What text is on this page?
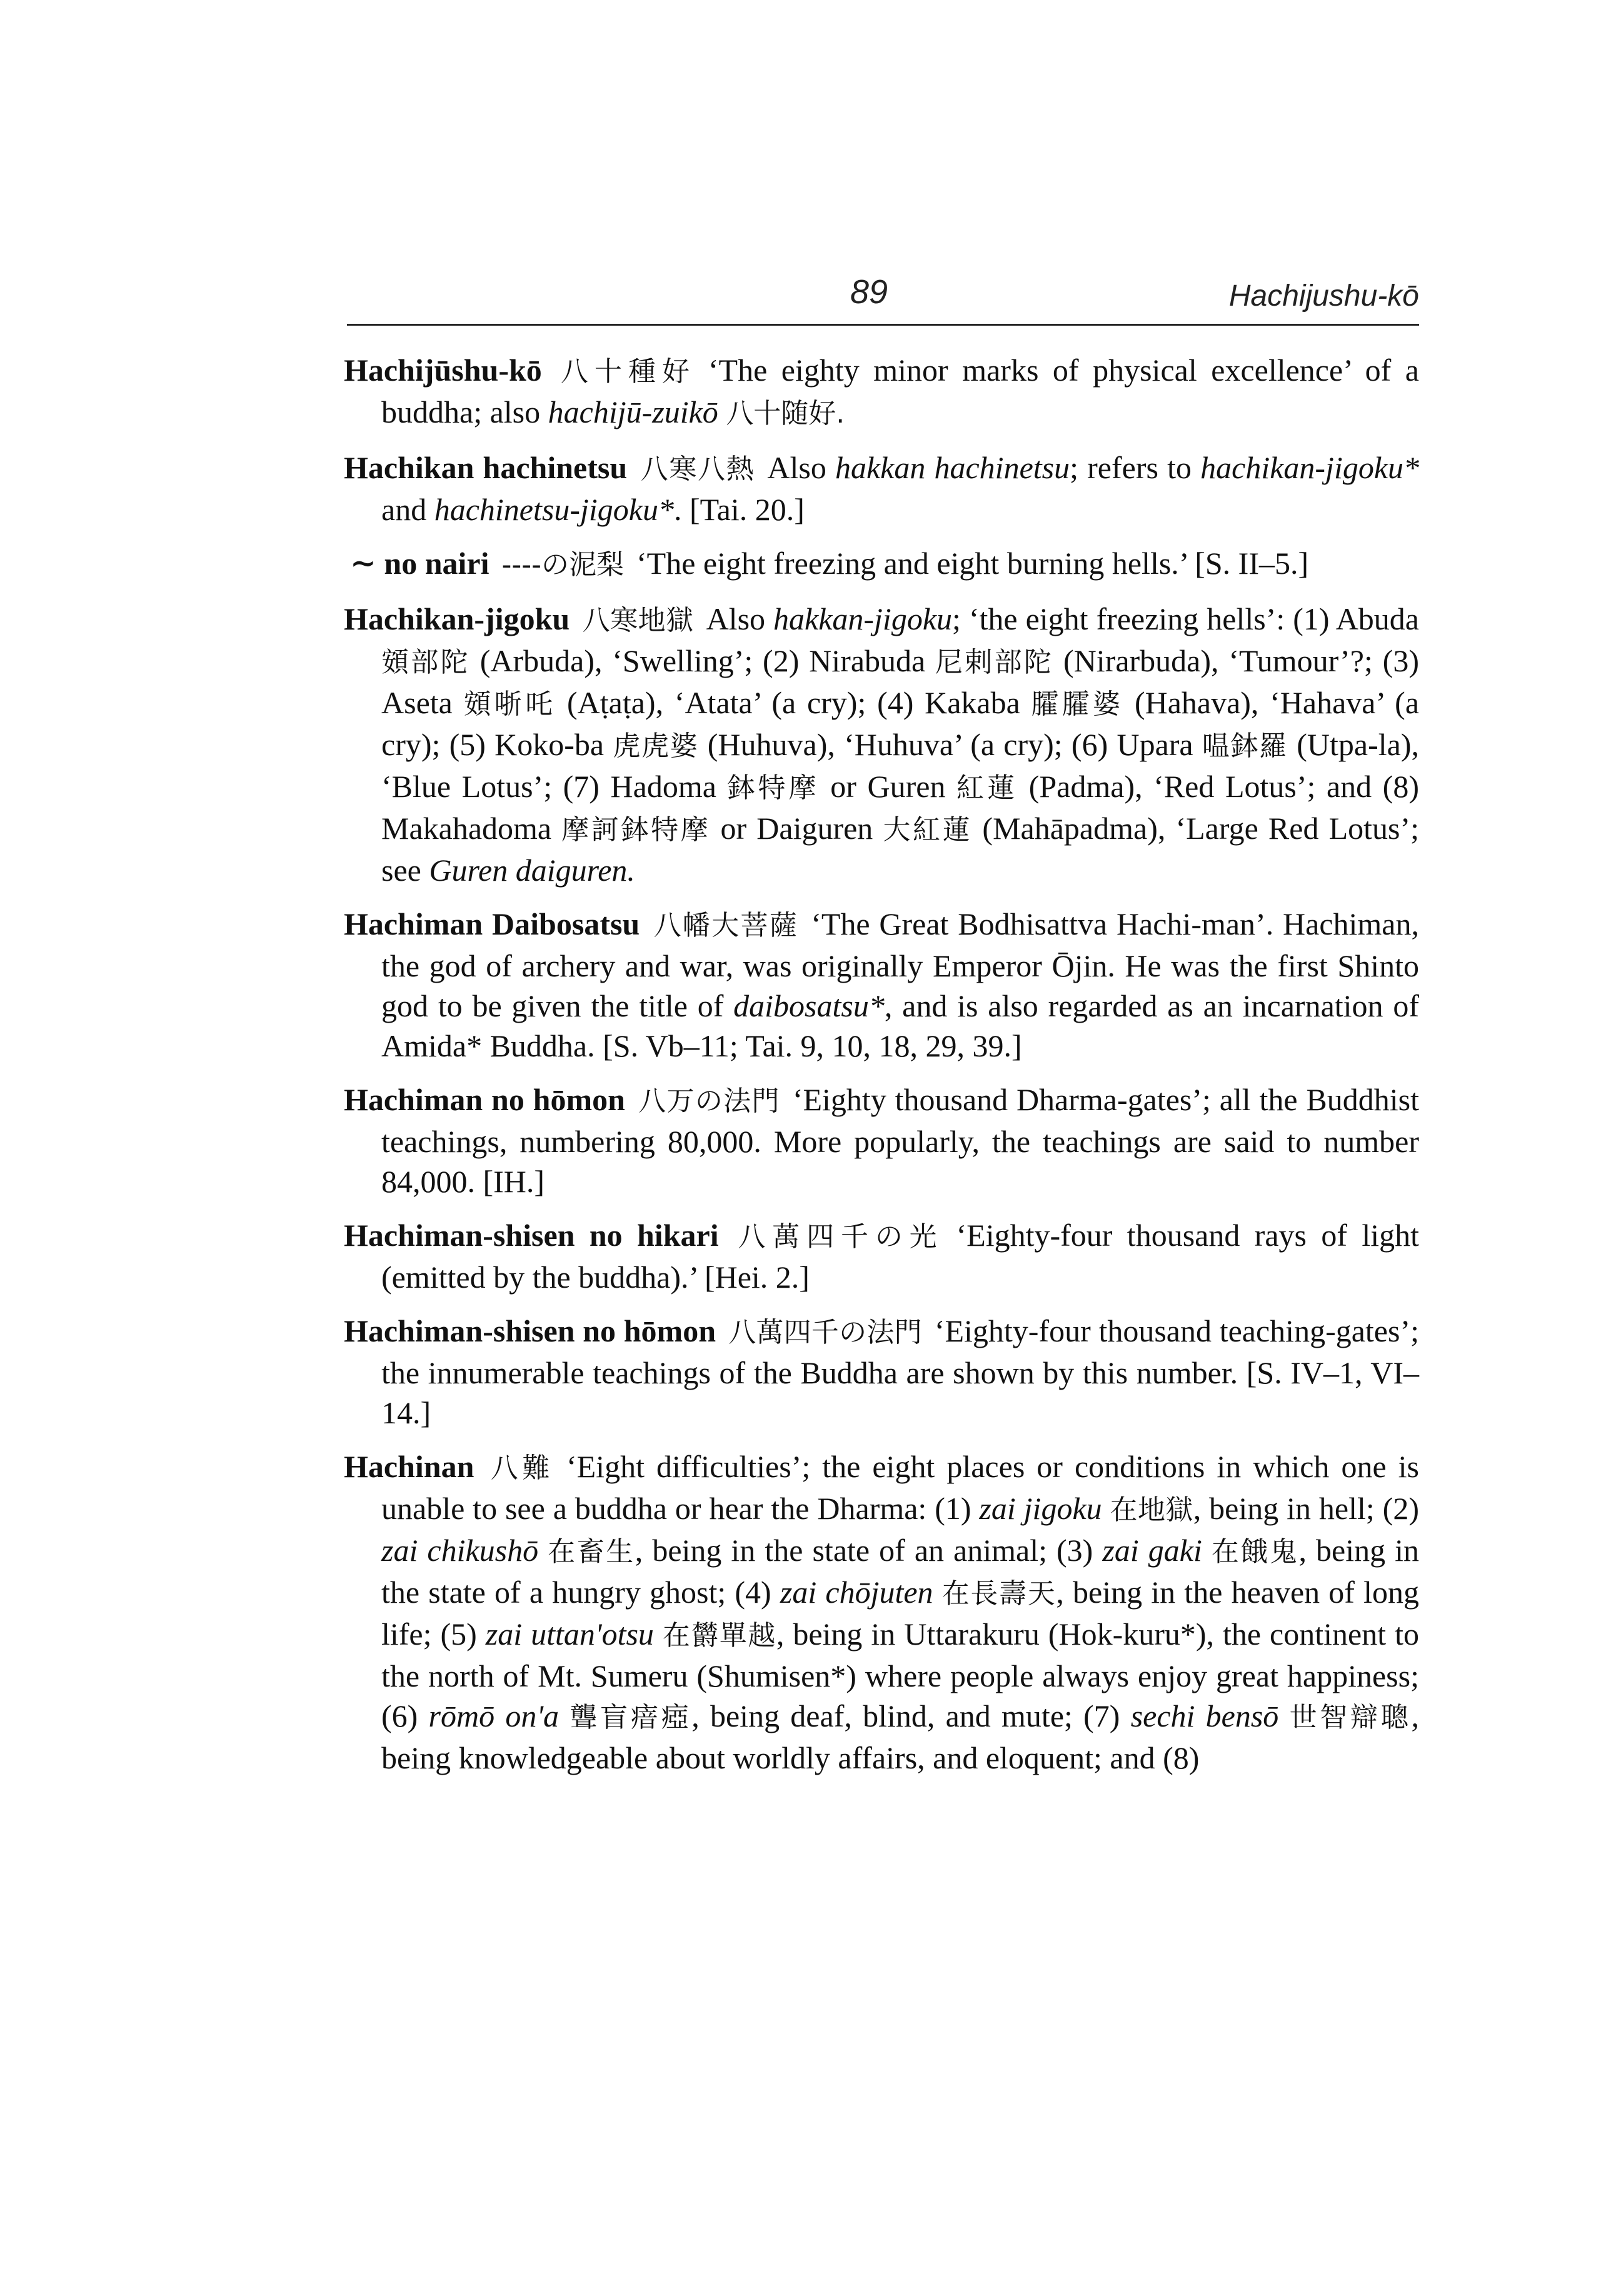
89	Hachijushu-kō

Hachijūshu-kō 八十種好 ‘The eighty minor marks of physical excellence’ of a buddha; also hachijū-zuikō 八十随好.

Hachikan hachinetsu 八寒八熱 Also hakkan hachinetsu; refers to hachikan-jigoku* and hachinetsu-jigoku*. [Tai. 20.]

∼ no nairi ----の泥梨 ‘The eight freezing and eight burning hells.’ [S. II–5.]

Hachikan-jigoku 八寒地獄 Also hakkan-jigoku; ‘the eight freezing hells’: (1) Abuda 頞部陀 (Arbuda), ‘Swelling’; (2) Nirabuda 尼剌部陀 (Nirarbuda), ‘Tumour’?; (3) Aseta 頞哳吒 (Aṭaṭa), ‘Atata’ (a cry); (4) Kakaba 臛臛婆 (Hahava), ‘Hahava’ (a cry); (5) Koko-ba 虎虎婆 (Huhuva), ‘Huhuva’ (a cry); (6) Upara 嗢鉢羅 (Utpa-la), ‘Blue Lotus’; (7) Hadoma 鉢特摩 or Guren 紅蓮 (Padma), ‘Red Lotus’; and (8) Makahadoma 摩訶鉢特摩 or Daiguren 大紅蓮 (Mahāpadma), ‘Large Red Lotus’; see Guren daiguren.

Hachiman Daibosatsu 八幡大菩薩 ‘The Great Bodhisattva Hachi-man’. Hachiman, the god of archery and war, was originally Emperor Ōjin. He was the first Shinto god to be given the title of daibosatsu*, and is also regarded as an incarnation of Amida* Buddha. [S. Vb–11; Tai. 9, 10, 18, 29, 39.]

Hachiman no hōmon 八万の法門 ‘Eighty thousand Dharma-gates’; all the Buddhist teachings, numbering 80,000. More popularly, the teachings are said to number 84,000. [IH.]

Hachiman-shisen no hikari 八萬四千の光 ‘Eighty-four thousand rays of light (emitted by the buddha).’ [Hei. 2.]

Hachiman-shisen no hōmon 八萬四千の法門 ‘Eighty-four thousand teaching-gates’; the innumerable teachings of the Buddha are shown by this number. [S. IV–1, VI–14.]

Hachinan 八難 ‘Eight difficulties’; the eight places or conditions in which one is unable to see a buddha or hear the Dharma: (1) zai jigoku 在地獄, being in hell; (2) zai chikushō 在畜生, being in the state of an animal; (3) zai gaki 在餓鬼, being in the state of a hungry ghost; (4) zai chōjuten 在長壽天, being in the heaven of long life; (5) zai uttan'otsu 在欝單越, being in Uttarakuru (Hok-kuru*), the continent to the north of Mt. Sumeru (Shumisen*) where people always enjoy great happiness; (6) rōmō on'a 聾盲瘖瘂, being deaf, blind, and mute; (7) sechi bensō 世智辯聰, being knowledgeable about worldly affairs, and eloquent; and (8)
